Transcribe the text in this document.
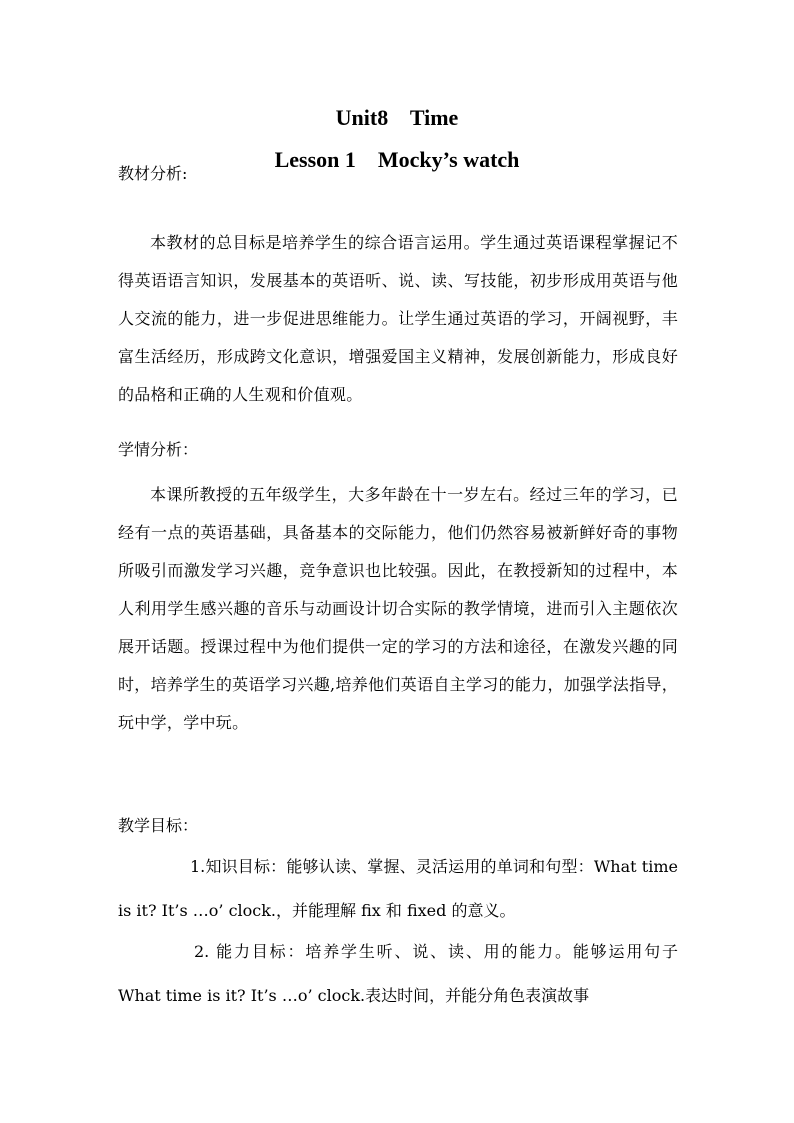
Unit8    Time
Lesson 1    Mocky’s watch
教材分析:
本教材的总目标是培养学生的综合语言运用。学生通过英语课程掌握记不得英语语言知识，发展基本的英语听、说、读、写技能，初步形成用英语与他人交流的能力，进一步促进思维能力。让学生通过英语的学习，开阔视野，丰富生活经历，形成跨文化意识，增强爱国主义精神，发展创新能力，形成良好的品格和正确的人生观和价值观。
学情分析：
本课所教授的五年级学生，大多年龄在十一岁左右。经过三年的学习，已经有一点的英语基础，具备基本的交际能力，他们仍然容易被新鲜好奇的事物所吸引而激发学习兴趣，竞争意识也比较强。因此，在教授新知的过程中，本人利用学生感兴趣的音乐与动画设计切合实际的教学情境，进而引入主题依次展开话题。授课过程中为他们提供一定的学习的方法和途径，在激发兴趣的同时，培养学生的英语学习兴趣,培养他们英语自主学习的能力，加强学法指导，玩中学，学中玩。
教学目标：
1.知识目标：能够认读、掌握、灵活运用的单词和句型：What time is it? It’s …o’ clock.，并能理解 fix 和 fixed 的意义。
2. 能力目标：培养学生听、说、读、用的能力。能够运用句子 What time is it? It’s …o’ clock.表达时间，并能分角色表演故事
